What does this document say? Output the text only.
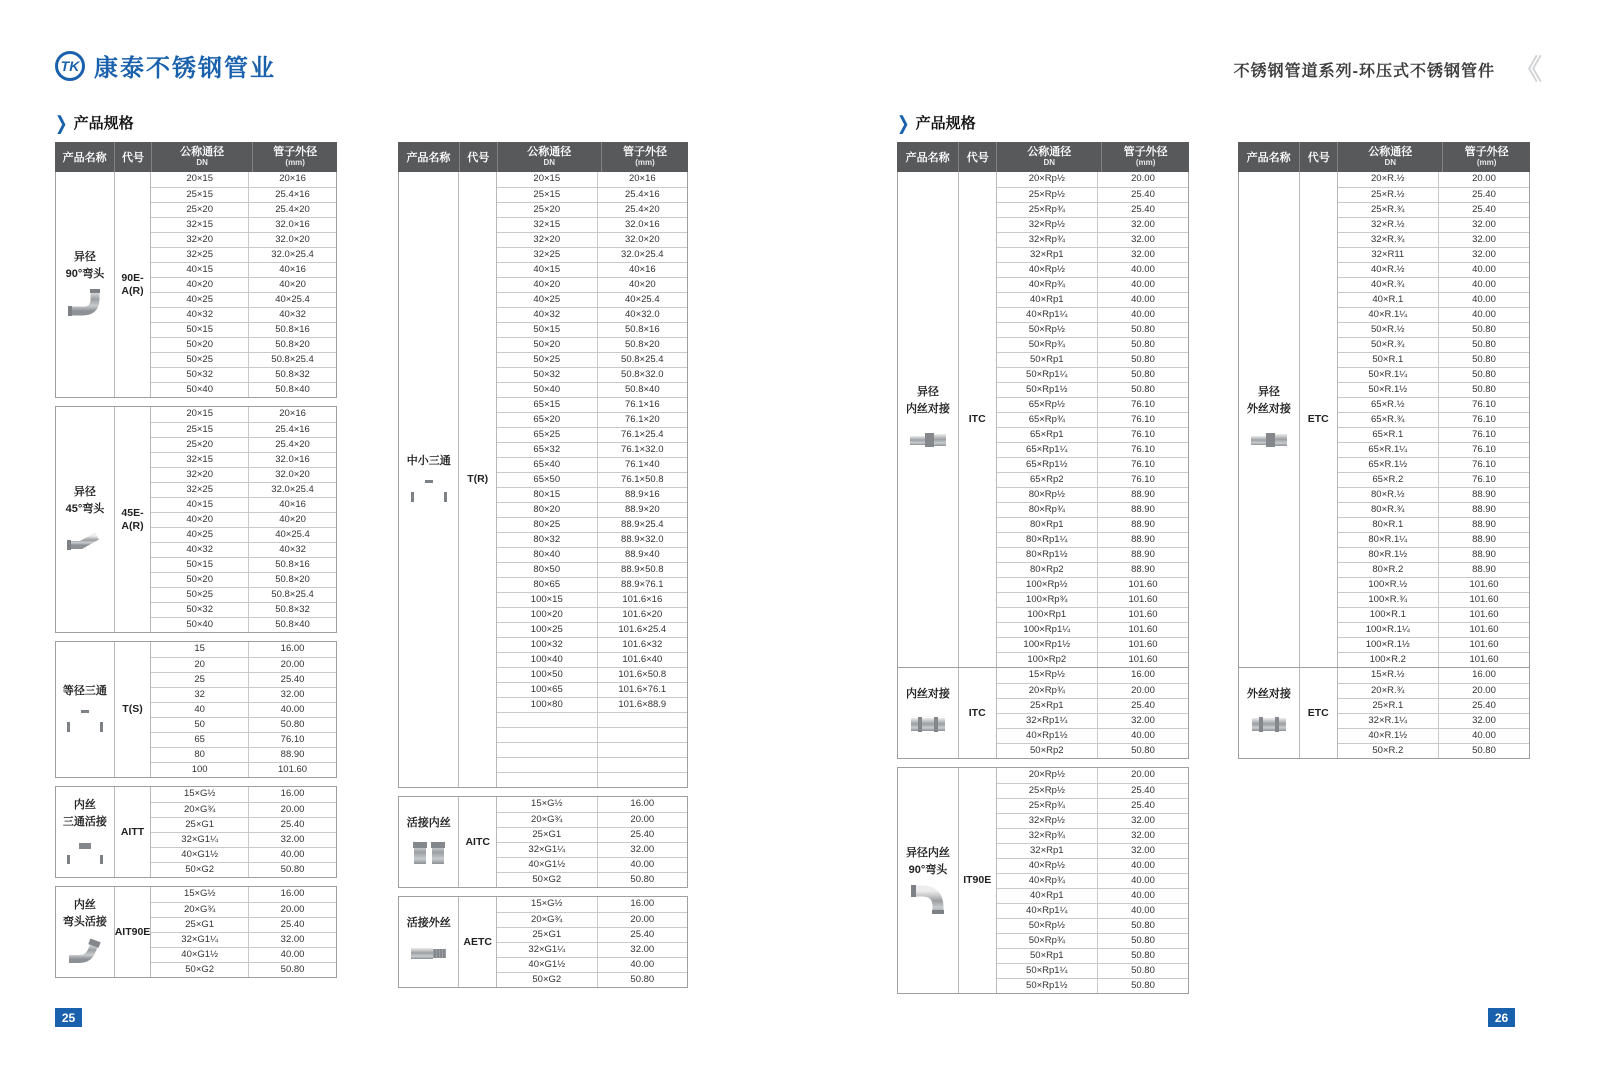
TK 康泰不锈钢管业	不锈钢管道系列-环压式不锈钢管件 《
❯ 产品规格	❯ 产品规格
产品名称	代号	公称通径
DN
管子外径
(mm)
异径
90°弯头 90E-
A(R)
20×15	20×16
25×15	25.4×16
25×20	25.4×20
32×15	32.0×16
32×20	32.0×20
32×25	32.0×25.4
40×15	40×16
40×20	40×20
40×25	40×25.4
40×32	40×32
50×15	50.8×16
50×20	50.8×20
50×25	50.8×25.4
50×32	50.8×32
50×40	50.8×40
异径
45°弯头 45E-
A(R)
20×15	20×16
25×15	25.4×16
25×20	25.4×20
32×15	32.0×16
32×20	32.0×20
32×25	32.0×25.4
40×15	40×16
40×20	40×20
40×25	40×25.4
40×32	40×32
50×15	50.8×16
50×20	50.8×20
50×25	50.8×25.4
50×32	50.8×32
50×40	50.8×40
等径三通
T(S)
15	16.00
20	20.00
25	25.40
32	32.00
40	40.00
50	50.80
65	76.10
80	88.90
100	101.60
内丝
三通活接
AITT
15×G½	16.00
20×G¾	20.00
25×G1	25.40
32×G1¼	32.00
40×G1½	40.00
50×G2	50.80
内丝
弯头活接
AIT90E
15×G½	16.00
20×G¾	20.00
25×G1	25.40
32×G1¼	32.00
40×G1½	40.00
50×G2	50.80
产品名称	代号	公称通径
DN
管子外径
(mm)
中小三通
T(R)
20×15	20×16
25×15	25.4×16
25×20	25.4×20
32×15	32.0×16
32×20	32.0×20
32×25	32.0×25.4
40×15	40×16
40×20	40×20
40×25	40×25.4
40×32	40×32.0
50×15	50.8×16
50×20	50.8×20
50×25	50.8×25.4
50×32	50.8×32.0
50×40	50.8×40
65×15	76.1×16
65×20	76.1×20
65×25	76.1×25.4
65×32	76.1×32.0
65×40	76.1×40
65×50	76.1×50.8
80×15	88.9×16
80×20	88.9×20
80×25	88.9×25.4
80×32	88.9×32.0
80×40	88.9×40
80×50	88.9×50.8
80×65	88.9×76.1
100×15	101.6×16
100×20	101.6×20
100×25	101.6×25.4
100×32	101.6×32
100×40	101.6×40
100×50	101.6×50.8
100×65	101.6×76.1
100×80	101.6×88.9
活接内丝
AITC
15×G½	16.00
20×G¾	20.00
25×G1	25.40
32×G1¼	32.00
40×G1½	40.00
50×G2	50.80
活接外丝
AETC
15×G½	16.00
20×G¾	20.00
25×G1	25.40
32×G1¼	32.00
40×G1½	40.00
50×G2	50.80
产品名称	代号	公称通径
DN
管子外径
(mm)
异径
内丝对接
ITC
20×Rp½	20.00
25×Rp½	25.40
25×Rp¾	25.40
32×Rp½	32.00
32×Rp¾	32.00
32×Rp1	32.00
40×Rp½	40.00
40×Rp¾	40.00
40×Rp1	40.00
40×Rp1¼	40.00
50×Rp½	50.80
50×Rp¾	50.80
50×Rp1	50.80
50×Rp1¼	50.80
50×Rp1½	50.80
65×Rp½	76.10
65×Rp¾	76.10
65×Rp1	76.10
65×Rp1¼	76.10
65×Rp1½	76.10
65×Rp2	76.10
80×Rp½	88.90
80×Rp¾	88.90
80×Rp1	88.90
80×Rp1¼	88.90
80×Rp1½	88.90
80×Rp2	88.90
100×Rp½	101.60
100×Rp¾	101.60
100×Rp1	101.60
100×Rp1¼	101.60
100×Rp1½	101.60
100×Rp2	101.60
内丝对接
ITC
15×Rp½	16.00
20×Rp¾	20.00
25×Rp1	25.40
32×Rp1¼	32.00
40×Rp1½	40.00
50×Rp2	50.80
异径内丝
90°弯头
IT90E
20×Rp½	20.00
25×Rp½	25.40
25×Rp¾	25.40
32×Rp½	32.00
32×Rp¾	32.00
32×Rp1	32.00
40×Rp½	40.00
40×Rp¾	40.00
40×Rp1	40.00
40×Rp1¼	40.00
50×Rp½	50.80
50×Rp¾	50.80
50×Rp1	50.80
50×Rp1¼	50.80
50×Rp1½	50.80
产品名称	代号	公称通径
DN
管子外径
(mm)
异径
外丝对接
ETC
20×R.½	20.00
25×R.½	25.40
25×R.¾	25.40
32×R.½	32.00
32×R.¾	32.00
32×R11	32.00
40×R.½	40.00
40×R.¾	40.00
40×R.1	40.00
40×R.1¼	40.00
50×R.½	50.80
50×R.¾	50.80
50×R.1	50.80
50×R.1¼	50.80
50×R.1½	50.80
65×R.½	76.10
65×R.¾	76.10
65×R.1	76.10
65×R.1¼	76.10
65×R.1½	76.10
65×R.2	76.10
80×R.½	88.90
80×R.¾	88.90
80×R.1	88.90
80×R.1¼	88.90
80×R.1½	88.90
80×R.2	88.90
100×R.½	101.60
100×R.¾	101.60
100×R.1	101.60
100×R.1¼	101.60
100×R.1½	101.60
100×R.2	101.60
外丝对接
ETC
15×R.½	16.00
20×R.¾	20.00
25×R.1	25.40
32×R.1¼	32.00
40×R.1½	40.00
50×R.2	50.80
25	26
